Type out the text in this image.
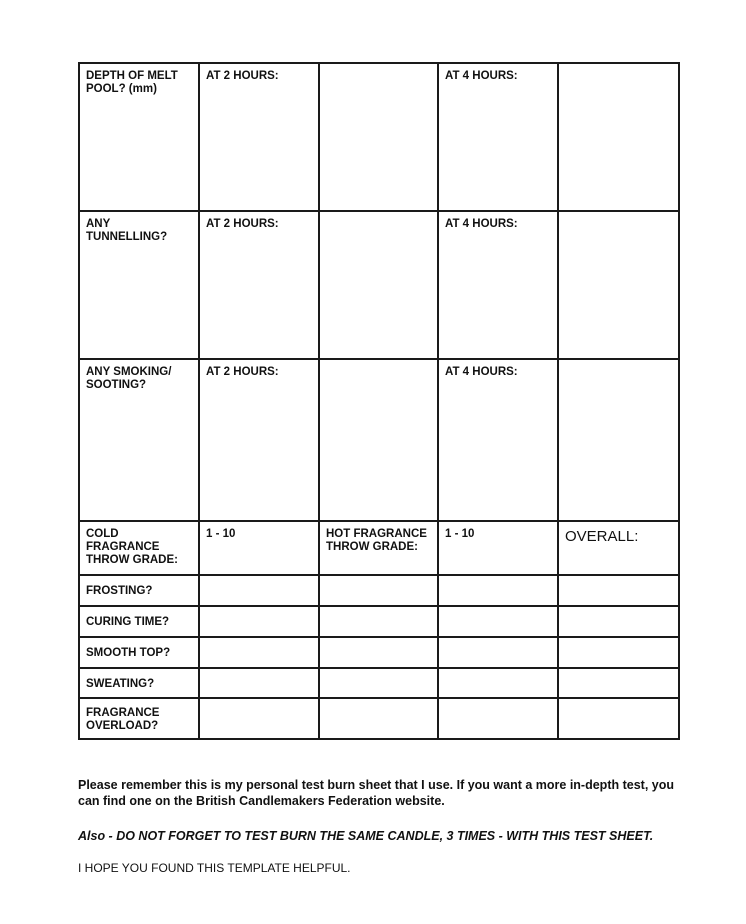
DEPTH OF MELT POOL? (mm)	AT 2 HOURS:		AT 4 HOURS:	
ANY TUNNELLING?	AT 2 HOURS:		AT 4 HOURS:	
ANY SMOKING/ SOOTING?	AT 2 HOURS:		AT 4 HOURS:	
COLD FRAGRANCE THROW GRADE:	1 - 10	HOT FRAGRANCE THROW GRADE:	1 - 10	OVERALL:
FROSTING?				
CURING TIME?				
SMOOTH TOP?				
SWEATING?				
FRAGRANCE OVERLOAD?				

Please remember this is my personal test burn sheet that I use. If you want a more in-depth test, you can find one on the British Candlemakers Federation website.

Also - DO NOT FORGET TO TEST BURN THE SAME CANDLE, 3 TIMES - WITH THIS TEST SHEET.

I HOPE YOU FOUND THIS TEMPLATE HELPFUL.
